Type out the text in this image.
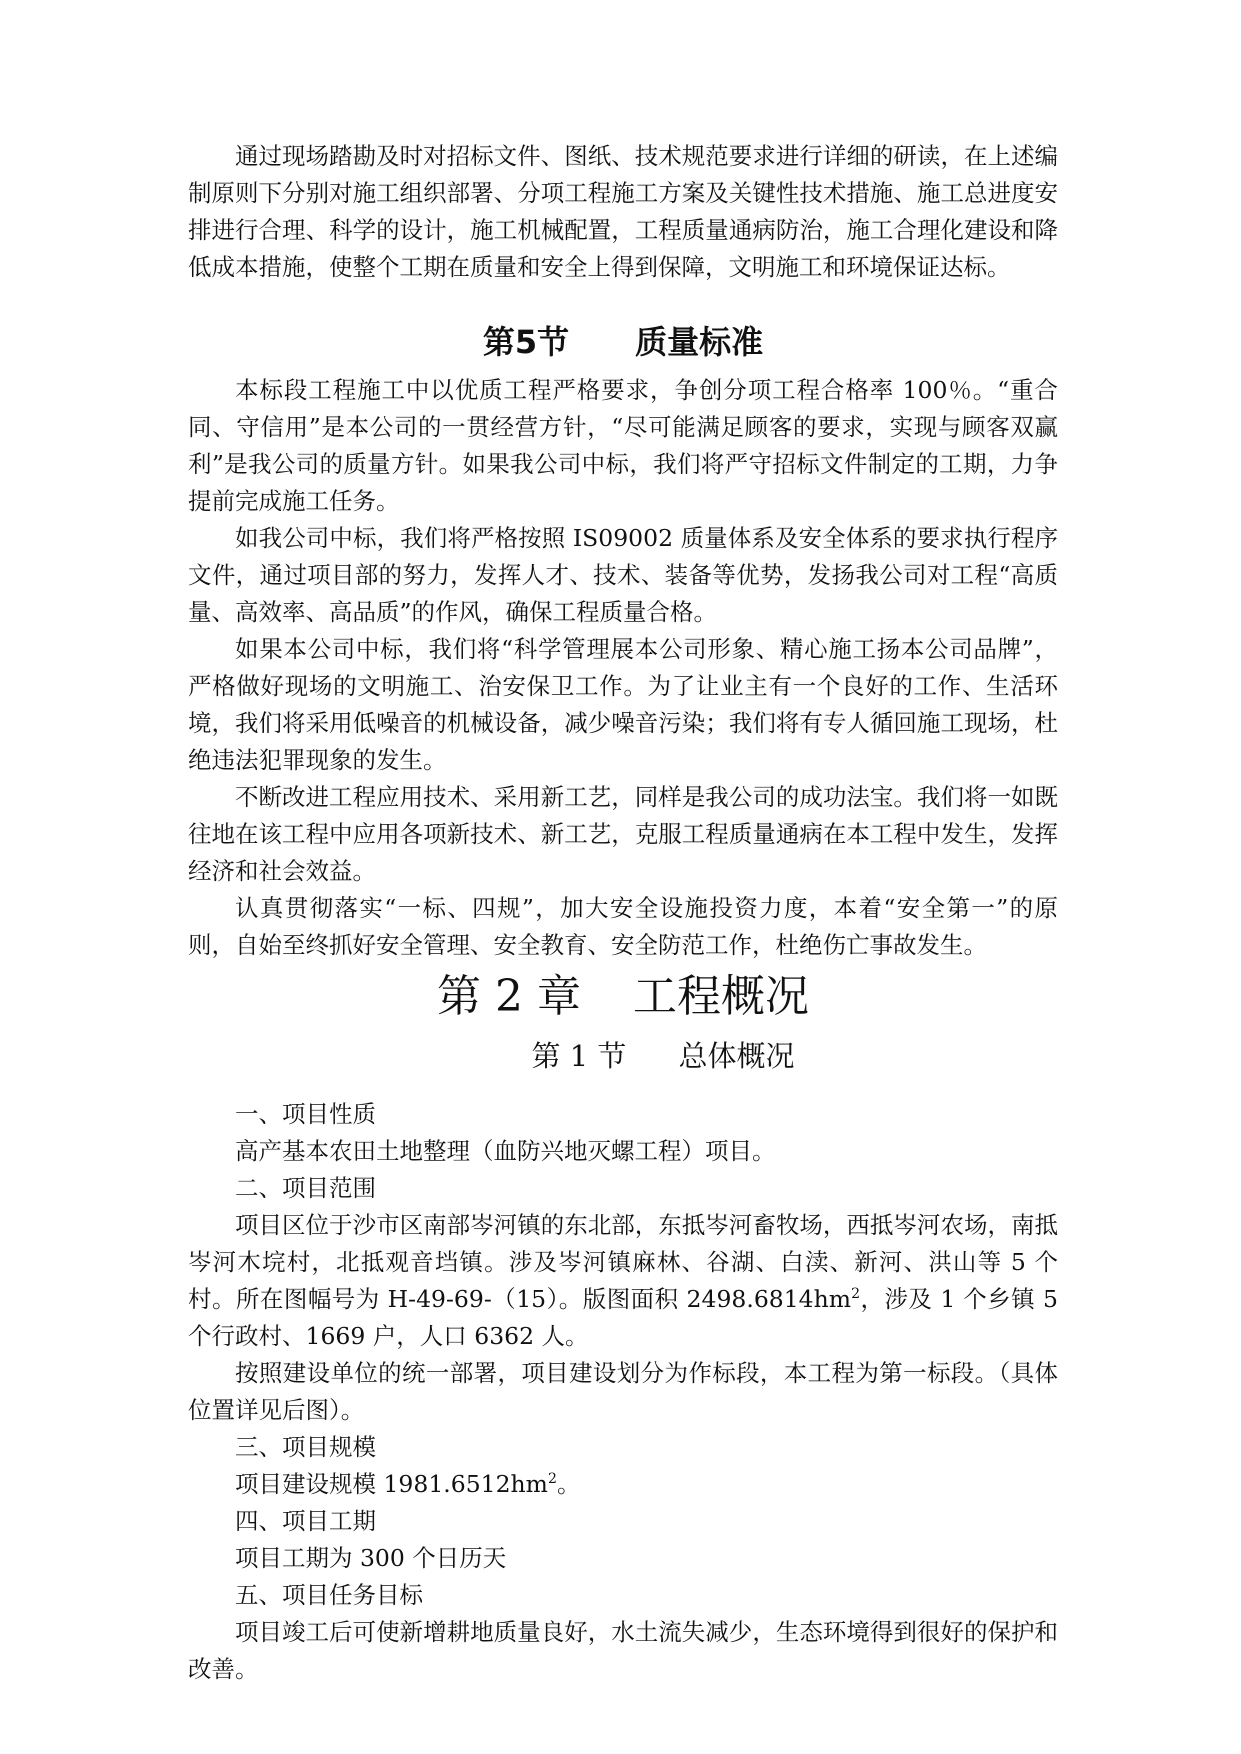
通过现场踏勘及时对招标文件、图纸、技术规范要求进行详细的研读，在上述编制原则下分别对施工组织部署、分项工程施工方案及关键性技术措施、施工总进度安排进行合理、科学的设计，施工机械配置，工程质量通病防治，施工合理化建设和降低成本措施，使整个工期在质量和安全上得到保障，文明施工和环境保证达标。

第5节 质量标准

本标段工程施工中以优质工程严格要求，争创分项工程合格率 100％。“重合同、守信用”是本公司的一贯经营方针，“尽可能满足顾客的要求，实现与顾客双赢利”是我公司的质量方针。如果我公司中标，我们将严守招标文件制定的工期，力争提前完成施工任务。

如我公司中标，我们将严格按照 IS09002 质量体系及安全体系的要求执行程序文件，通过项目部的努力，发挥人才、技术、装备等优势，发扬我公司对工程“高质量、高效率、高品质”的作风，确保工程质量合格。

如果本公司中标，我们将“科学管理展本公司形象、精心施工扬本公司品牌”，严格做好现场的文明施工、治安保卫工作。为了让业主有一个良好的工作、生活环境，我们将采用低噪音的机械设备，减少噪音污染；我们将有专人循回施工现场，杜绝违法犯罪现象的发生。

不断改进工程应用技术、采用新工艺，同样是我公司的成功法宝。我们将一如既往地在该工程中应用各项新技术、新工艺，克服工程质量通病在本工程中发生，发挥经济和社会效益。

认真贯彻落实“一标、四规”，加大安全设施投资力度，本着“安全第一”的原则，自始至终抓好安全管理、安全教育、安全防范工作，杜绝伤亡事故发生。

第 2 章 工程概况
第 1 节 总体概况

一、项目性质

高产基本农田土地整理（血防兴地灭螺工程）项目。

二、项目范围

项目区位于沙市区南部岑河镇的东北部，东抵岑河畜牧场，西抵岑河农场，南抵岑河木垸村，北抵观音垱镇。涉及岑河镇麻林、谷湖、白渎、新河、洪山等 5 个村。所在图幅号为 H-49-69-（15）。版图面积 $2498.6814hm^2$，涉及 1 个乡镇 5 个行政村、1669 户，人口 6362 人。

按照建设单位的统一部署，项目建设划分为作标段，本工程为第一标段。（具体位置详见后图）。

三、项目规模

项目建设规模 $1981.6512hm^2$。

四、项目工期

项目工期为 300 个日历天

五、项目任务目标

项目竣工后可使新增耕地质量良好，水土流失减少，生态环境得到很好的保护和改善。
